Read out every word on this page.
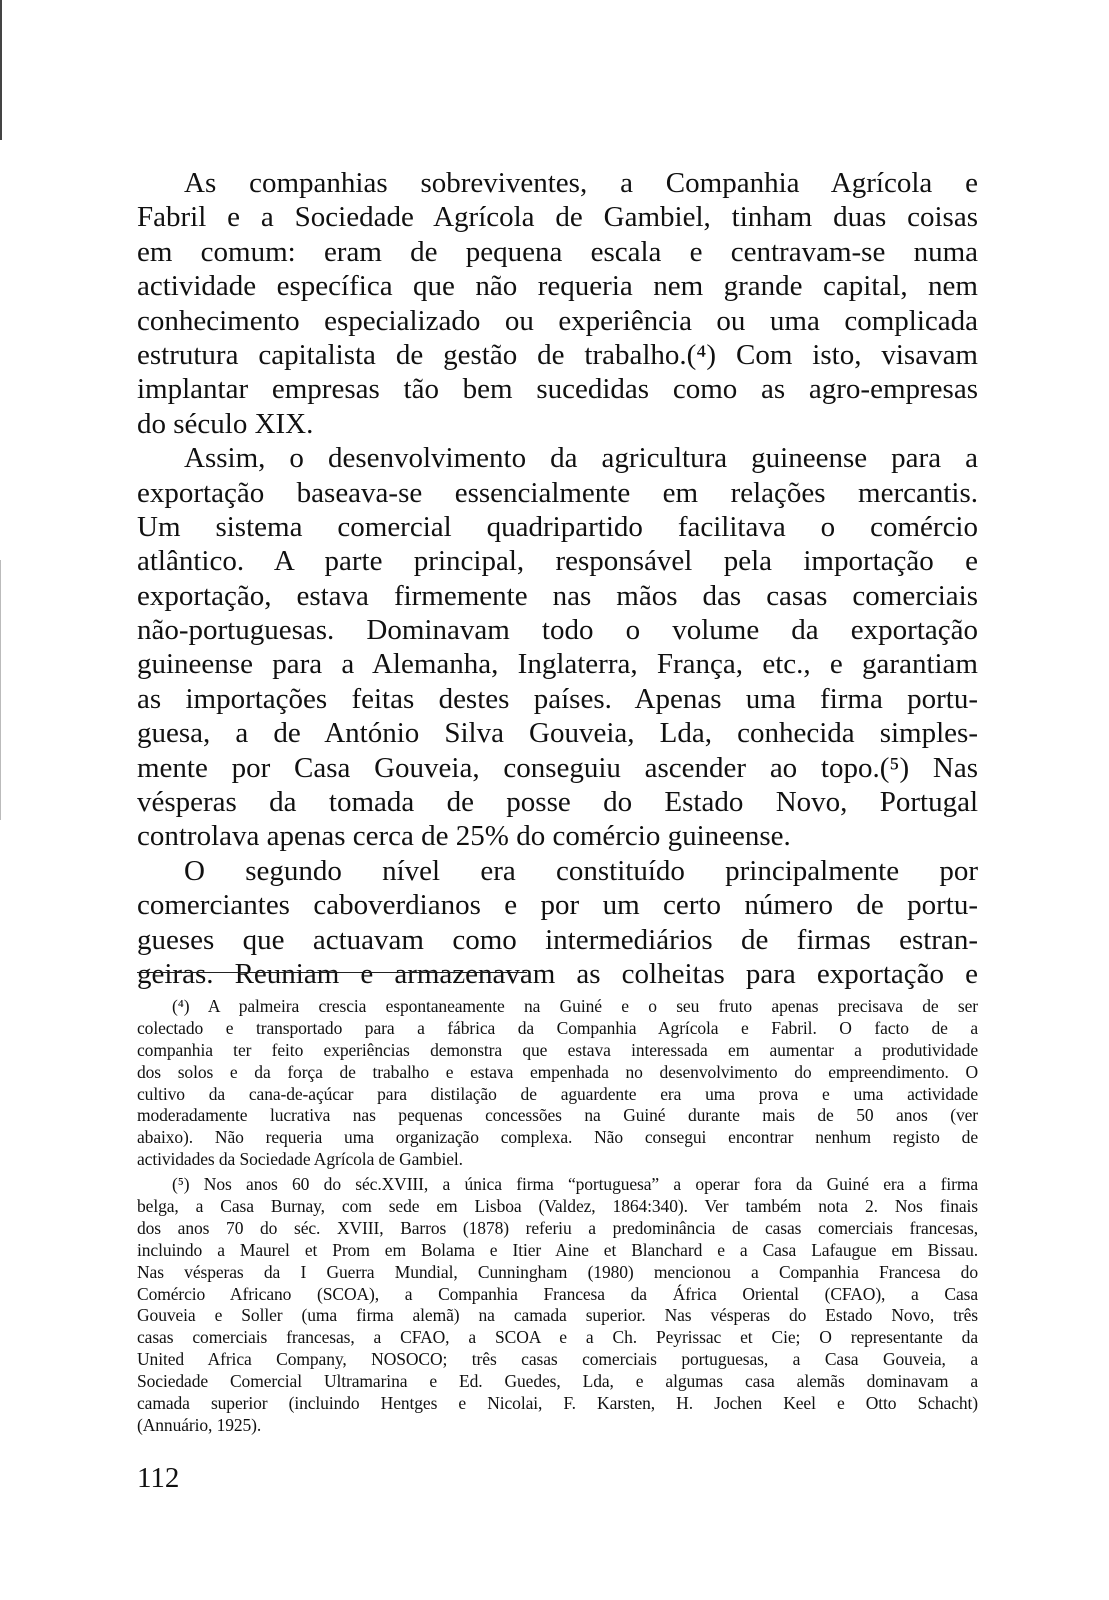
As companhias sobreviventes, a Companhia Agrícola e
Fabril e a Sociedade Agrícola de Gambiel, tinham duas coisas
em comum: eram de pequena escala e centravam-se numa
actividade específica que não requeria nem grande capital, nem
conhecimento especializado ou experiência ou uma complicada
estrutura capitalista de gestão de trabalho.(⁴) Com isto, visavam
implantar empresas tão bem sucedidas como as agro-empresas
do século XIX.
Assim, o desenvolvimento da agricultura guineense para a
exportação baseava-se essencialmente em relações mercantis.
Um sistema comercial quadripartido facilitava o comércio
atlântico. A parte principal, responsável pela importação e
exportação, estava firmemente nas mãos das casas comerciais
não-portuguesas. Dominavam todo o volume da exportação
guineense para a Alemanha, Inglaterra, França, etc., e garantiam
as importações feitas destes países. Apenas uma firma portu-
guesa, a de António Silva Gouveia, Lda, conhecida simples-
mente por Casa Gouveia, conseguiu ascender ao topo.(⁵) Nas
vésperas da tomada de posse do Estado Novo, Portugal
controlava apenas cerca de 25% do comércio guineense.
O segundo nível era constituído principalmente por
comerciantes caboverdianos e por um certo número de portu-
gueses que actuavam como intermediários de firmas estran-
geiras. Reuniam e armazenavam as colheitas para exportação e
(⁴) A palmeira crescia espontaneamente na Guiné e o seu fruto apenas precisava de ser
colectado e transportado para a fábrica da Companhia Agrícola e Fabril. O facto de a
companhia ter feito experiências demonstra que estava interessada em aumentar a produtividade
dos solos e da força de trabalho e estava empenhada no desenvolvimento do empreendimento. O
cultivo da cana-de-açúcar para distilação de aguardente era uma prova e uma actividade
moderadamente lucrativa nas pequenas concessões na Guiné durante mais de 50 anos (ver
abaixo). Não requeria uma organização complexa. Não consegui encontrar nenhum registo de
actividades da Sociedade Agrícola de Gambiel.
(⁵) Nos anos 60 do séc.XVIII, a única firma “portuguesa” a operar fora da Guiné era a firma
belga, a Casa Burnay, com sede em Lisboa (Valdez, 1864:340). Ver também nota 2. Nos finais
dos anos 70 do séc. XVIII, Barros (1878) referiu a predominância de casas comerciais francesas,
incluindo a Maurel et Prom em Bolama e Itier Aine et Blanchard e a Casa Lafaugue em Bissau.
Nas vésperas da I Guerra Mundial, Cunningham (1980) mencionou a Companhia Francesa do
Comércio Africano (SCOA), a Companhia Francesa da África Oriental (CFAO), a Casa
Gouveia e Soller (uma firma alemã) na camada superior. Nas vésperas do Estado Novo, três
casas comerciais francesas, a CFAO, a SCOA e a Ch. Peyrissac et Cie; O representante da
United Africa Company, NOSOCO; três casas comerciais portuguesas, a Casa Gouveia, a
Sociedade Comercial Ultramarina e Ed. Guedes, Lda, e algumas casa alemãs dominavam a
camada superior (incluindo Hentges e Nicolai, F. Karsten, H. Jochen Keel e Otto Schacht)
(Annuário, 1925).
112
